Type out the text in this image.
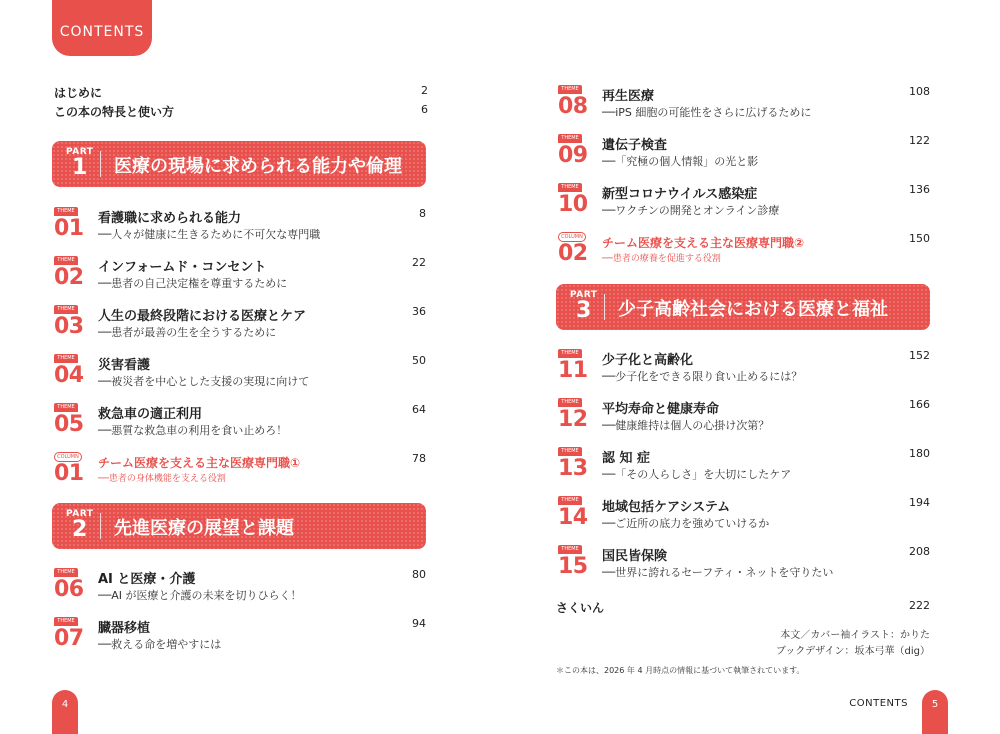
CONTENTS
はじめに	2
この本の特長と使い方	6
PART
1 医療の現場に求められる能力や倫理
THEME
01 看護職に求められる能力
──人々が健康に生きるために不可欠な専門職
8
THEME
02 インフォームド・コンセント
──患者の自己決定権を尊重するために
22
THEME
03 人生の最終段階における医療とケア
──患者が最善の生を全うするために
36
THEME
04 災害看護
──被災者を中心とした支援の実現に向けて
50
THEME
05 救急車の適正利用
──悪質な救急車の利用を食い止めろ！
64
COLUMN
01 チーム医療を支える主な医療専門職①
──患者の身体機能を支える役割
78
PART
2 先進医療の展望と課題
THEME
06 AI と医療・介護
──AI が医療と介護の未来を切りひらく！
80
THEME
07 臓器移植
──救える命を増やすには
94
4
THEME
08 再生医療
──iPS 細胞の可能性をさらに広げるために
108
THEME
09 遺伝子検査
──「究極の個人情報」の光と影
122
THEME
10 新型コロナウイルス感染症
──ワクチンの開発とオンライン診療
136
COLUMN
02 チーム医療を支える主な医療専門職②
──患者の療養を促進する役割
150
PART
3 少子高齢社会における医療と福祉
THEME
11 少子化と高齢化
──少子化をできる限り食い止めるには？
152
THEME
12 平均寿命と健康寿命
──健康維持は個人の心掛け次第？
166
THEME
13 認 知 症
──「その人らしさ」を大切にしたケア
180
THEME
14 地域包括ケアシステム
──ご近所の底力を強めていけるか
194
THEME
15 国民皆保険
──世界に誇れるセーフティ・ネットを守りたい
208
さくいん	222
本文／カバー袖イラスト：かりた
ブックデザイン：坂本弓華（dig）
＊この本は、2026 年 4 月時点の情報に基づいて執筆されています。
CONTENTS	5
